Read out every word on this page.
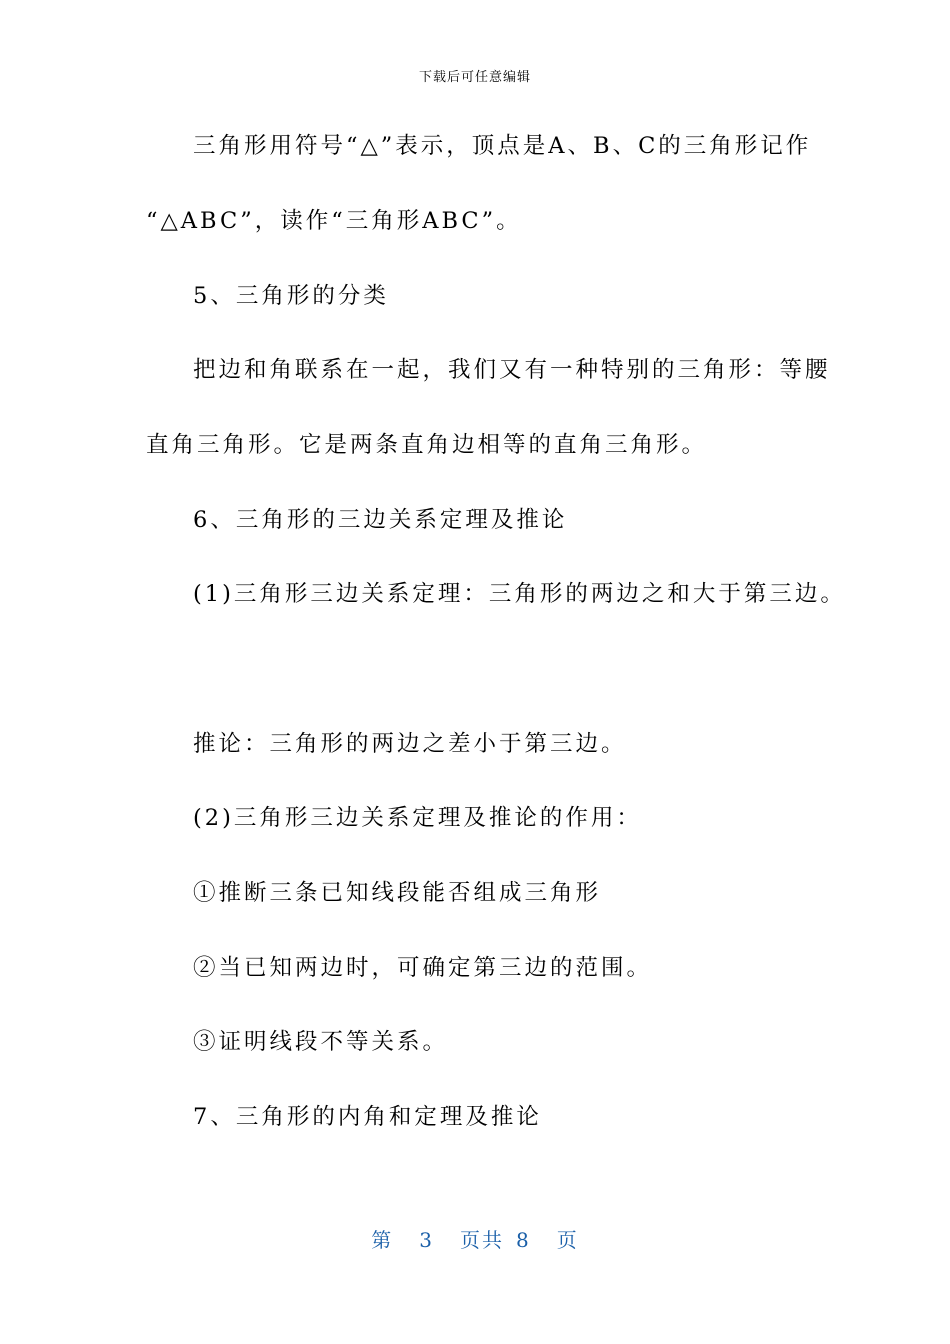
下载后可任意编辑
三角形用符号“△”表示，顶点是A、B、C的三角形记作
“△ABC”，读作“三角形ABC”。
5、三角形的分类
把边和角联系在一起，我们又有一种特别的三角形：等腰
直角三角形。它是两条直角边相等的直角三角形。
6、三角形的三边关系定理及推论
(1)三角形三边关系定理：三角形的两边之和大于第三边。
推论：三角形的两边之差小于第三边。
(2)三角形三边关系定理及推论的作用：
①推断三条已知线段能否组成三角形
②当已知两边时，可确定第三边的范围。
③证明线段不等关系。
7、三角形的内角和定理及推论
第 3 页共 8 页
